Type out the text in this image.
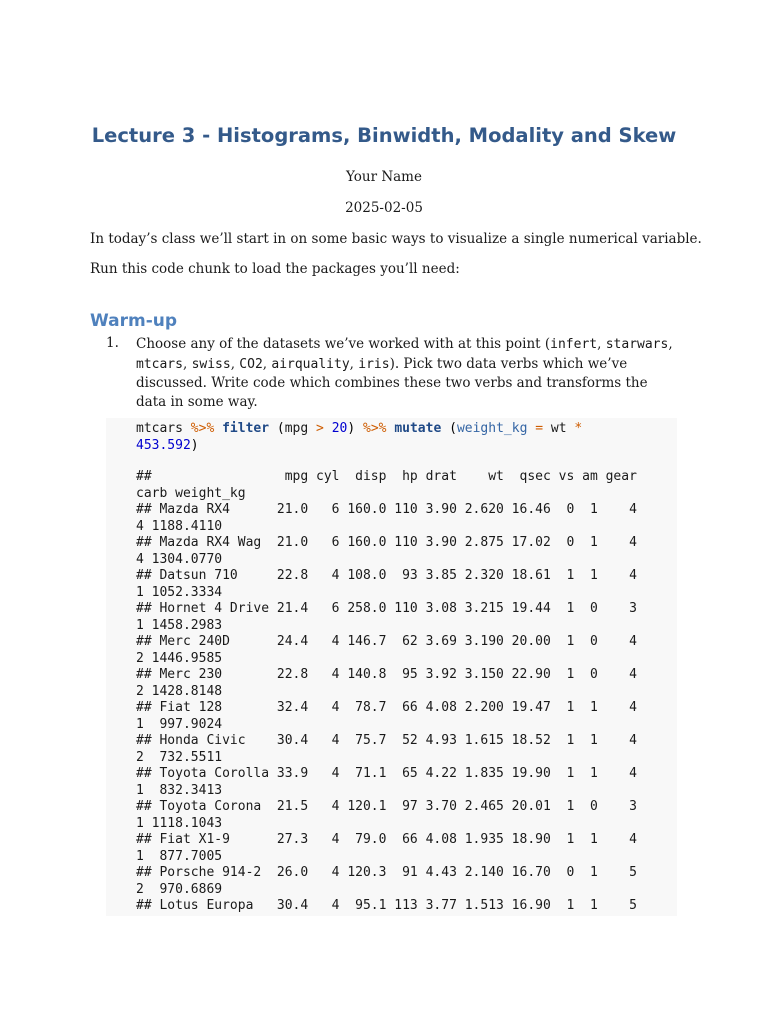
Lecture 3 - Histograms, Binwidth, Modality and Skew
Your Name
2025-02-05
In today’s class we’ll start in on some basic ways to visualize a single numerical variable.
Run this code chunk to load the packages you’ll need:
Warm-up
1. Choose any of the datasets we’ve worked with at this point (infert, starwars, mtcars, swiss, CO2, airquality, iris). Pick two data verbs which we’ve discussed. Write code which combines these two verbs and transforms the data in some way.
mtcars %>% filter (mpg > 20) %>% mutate (weight_kg = wt *
453.592)
##                 mpg cyl  disp  hp drat    wt  qsec vs am gear
carb weight_kg
## Mazda RX4      21.0   6 160.0 110 3.90 2.620 16.46  0  1    4
4 1188.4110
## Mazda RX4 Wag  21.0   6 160.0 110 3.90 2.875 17.02  0  1    4
4 1304.0770
## Datsun 710     22.8   4 108.0  93 3.85 2.320 18.61  1  1    4
1 1052.3334
## Hornet 4 Drive 21.4   6 258.0 110 3.08 3.215 19.44  1  0    3
1 1458.2983
## Merc 240D      24.4   4 146.7  62 3.69 3.190 20.00  1  0    4
2 1446.9585
## Merc 230       22.8   4 140.8  95 3.92 3.150 22.90  1  0    4
2 1428.8148
## Fiat 128       32.4   4  78.7  66 4.08 2.200 19.47  1  1    4
1  997.9024
## Honda Civic    30.4   4  75.7  52 4.93 1.615 18.52  1  1    4
2  732.5511
## Toyota Corolla 33.9   4  71.1  65 4.22 1.835 19.90  1  1    4
1  832.3413
## Toyota Corona  21.5   4 120.1  97 3.70 2.465 20.01  1  0    3
1 1118.1043
## Fiat X1-9      27.3   4  79.0  66 4.08 1.935 18.90  1  1    4
1  877.7005
## Porsche 914-2  26.0   4 120.3  91 4.43 2.140 16.70  0  1    5
2  970.6869
## Lotus Europa   30.4   4  95.1 113 3.77 1.513 16.90  1  1    5
